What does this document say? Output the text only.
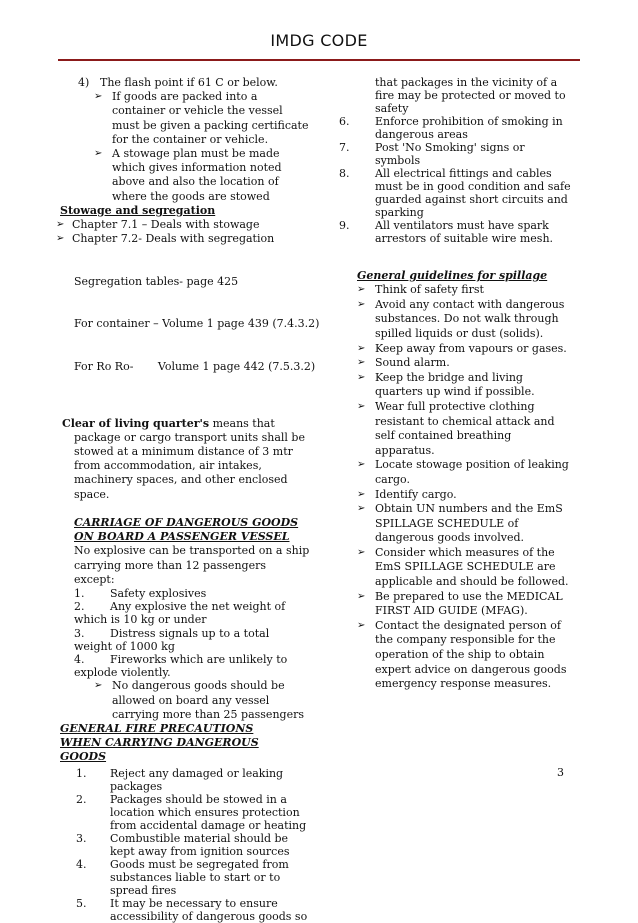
IMDG CODE
4) The flash point if 61 C or below.
➢ If goods are packed into a container or vehicle the vessel must be given a packing certificate for the container or vehicle.
➢ A stowage plan must be made which gives information noted above and also the location of where the goods are stowed
Stowage and segregation
➢ Chapter 7.1 – Deals with stowage
➢ Chapter 7.2- Deals with segregation

Segregation tables- page 425

For container – Volume 1 page 439 (7.4.3.2)

For Ro Ro-       Volume 1 page 442 (7.5.3.2)

Clear of living quarter's means that package or cargo transport units shall be stowed at a minimum distance of 3 mtr from accommodation, air intakes, machinery spaces, and other enclosed space.
CARRIAGE OF DANGEROUS GOODS ON BOARD A PASSENGER VESSEL
No explosive can be transported on a ship carrying more than 12 passengers except:
1. Safety explosives
2. Any explosive the net weight of which is 10 kg or under
3. Distress signals up to a total weight of 1000 kg
4. Fireworks which are unlikely to explode violently.
➢ No dangerous goods should be allowed on board any vessel carrying more than 25 passengers
GENERAL FIRE PRECAUTIONS WHEN CARRYING DANGEROUS GOODS
1. Reject any damaged or leaking packages
2. Packages should be stowed in a location which ensures protection from accidental damage or heating
3. Combustible material should be kept away from ignition sources
4. Goods must be segregated from substances liable to start or to spread fires
5. It may be necessary to ensure accessibility of dangerous goods so
that packages in the vicinity of a fire may be protected or moved to safety
6. Enforce prohibition of smoking in dangerous areas
7. Post 'No Smoking' signs or symbols
8. All electrical fittings and cables must be in good condition and safe guarded against short circuits and sparking
9. All ventilators must have spark arrestors of suitable wire mesh.
General guidelines for spillage
➢ Think of safety first
➢ Avoid any contact with dangerous substances. Do not walk through spilled liquids or dust (solids).
➢ Keep away from vapours or gases.
➢ Sound alarm.
➢ Keep the bridge and living quarters up wind if possible.
➢ Wear full protective clothing resistant to chemical attack and self contained breathing apparatus.
➢ Locate stowage position of leaking cargo.
➢ Identify cargo.
➢ Obtain UN numbers and the EmS SPILLAGE SCHEDULE of dangerous goods involved.
➢ Consider which measures of the EmS SPILLAGE SCHEDULE are applicable and should be followed.
➢ Be prepared to use the MEDICAL FIRST AID GUIDE (MFAG).
➢ Contact the designated person of the company responsible for the operation of the ship to obtain expert advice on dangerous goods emergency response measures.
3
